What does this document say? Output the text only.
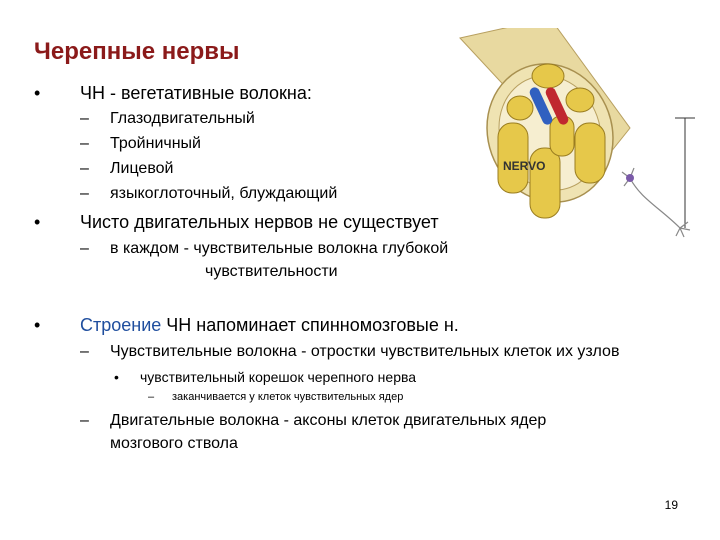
Черепные нервы
NERVO
• ЧН - вегетативные волокна:
– Глазодвигательный
– Тройничный
– Лицевой
– языкоглоточный, блуждающий
• Чисто двигательных нервов не существует
– в каждом - чувствительные волокна глубокой
чувствительности
• Строение ЧН напоминает спинномозговые н.
– Чувствительные волокна - отростки чувствительных клеток их узлов
• чувствительный корешок черепного нерва
– заканчивается у клеток чувствительных ядер
– Двигательные волокна - аксоны клеток двигательных ядер
мозгового ствола
19
